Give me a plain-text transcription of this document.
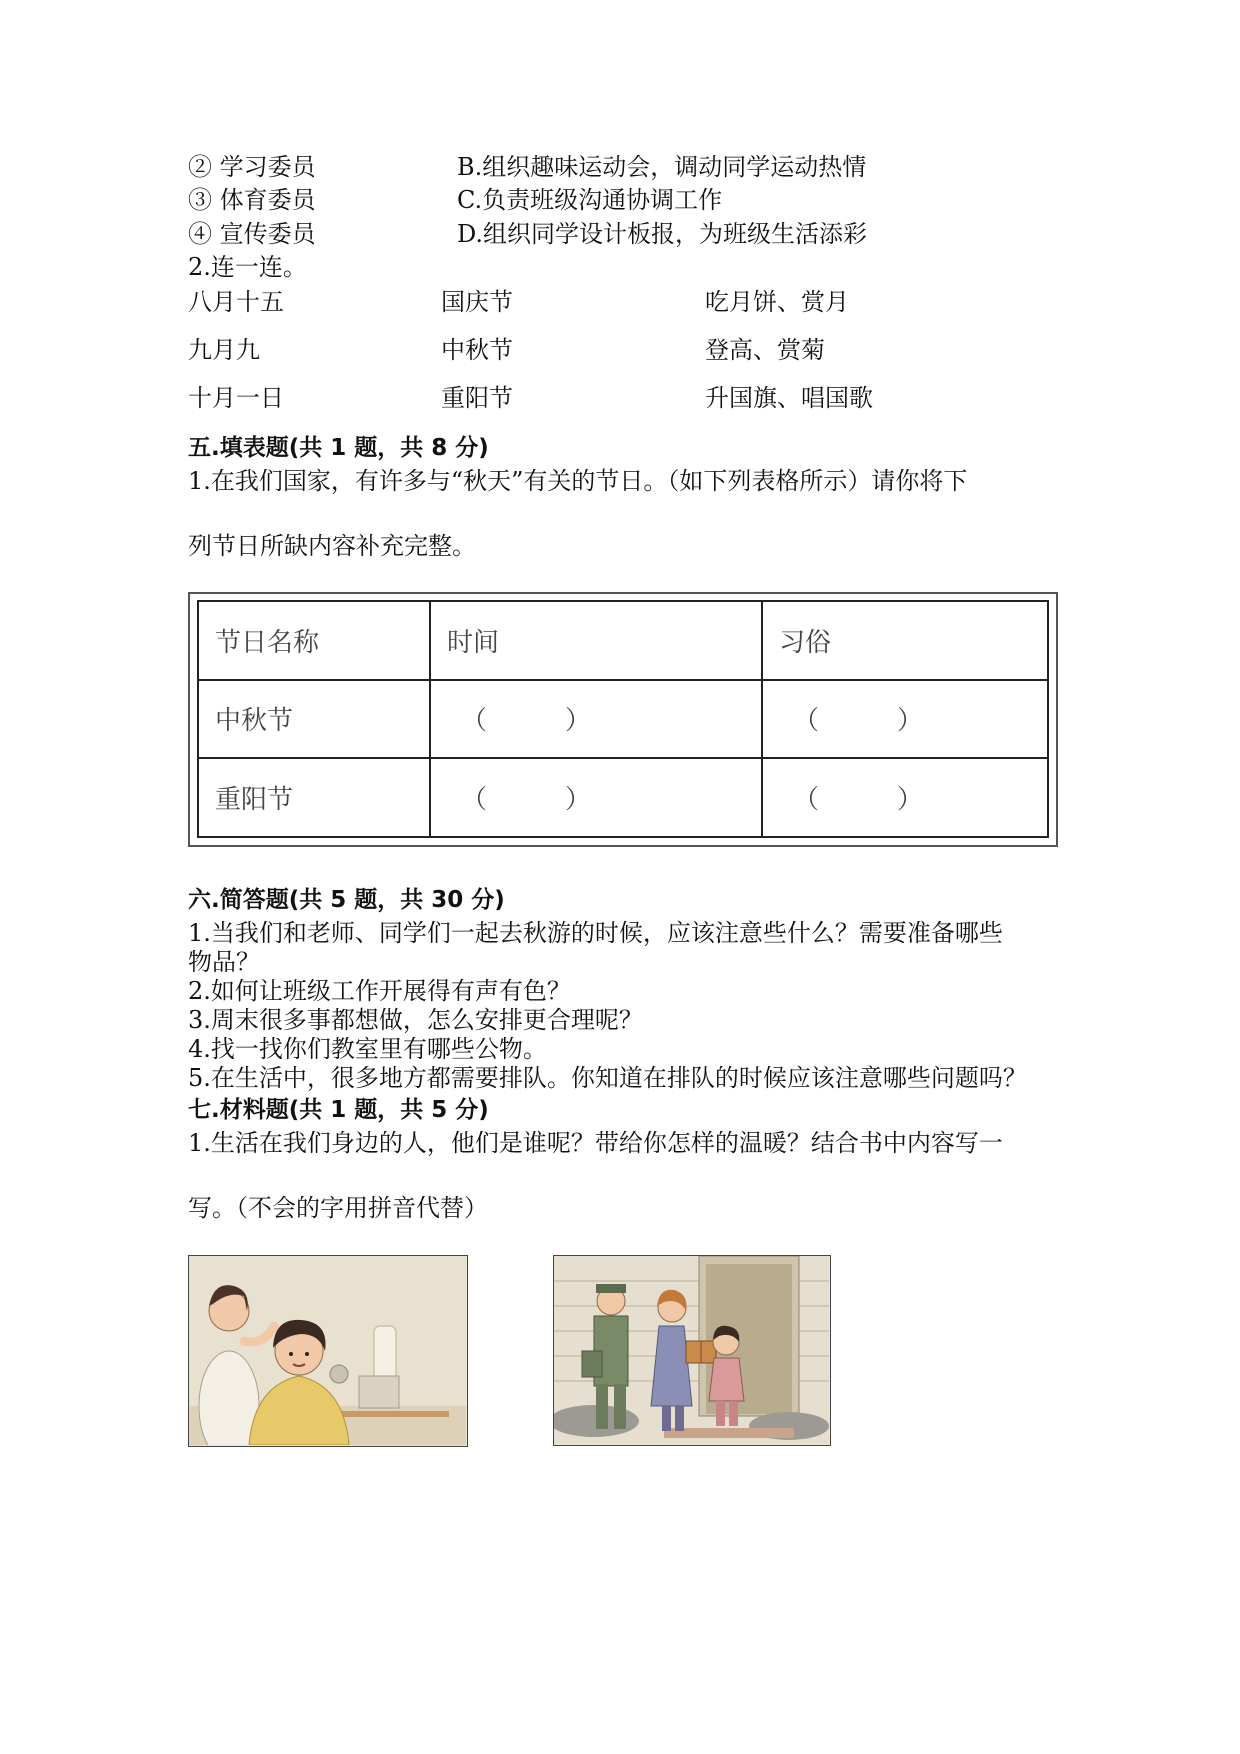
② 学习委员	B.组织趣味运动会，调动同学运动热情
③ 体育委员	C.负责班级沟通协调工作
④ 宣传委员	D.组织同学设计板报，为班级生活添彩
2.连一连。
八月十五	国庆节	吃月饼、赏月
九月九	中秋节	登高、赏菊
十月一日	重阳节	升国旗、唱国歌
五.填表题(共 1 题，共 8 分)
1.在我们国家，有许多与“秋天”有关的节日。（如下列表格所示）请你将下
列节日所缺内容补充完整。
节日名称	时间	习俗
中秋节	（　　　）	（　　　）
重阳节	（　　　）	（　　　）
六.简答题(共 5 题，共 30 分)
1.当我们和老师、同学们一起去秋游的时候，应该注意些什么？需要准备哪些
物品？
2.如何让班级工作开展得有声有色？
3.周末很多事都想做，怎么安排更合理呢？
4.找一找你们教室里有哪些公物。
5.在生活中，很多地方都需要排队。你知道在排队的时候应该注意哪些问题吗？
七.材料题(共 1 题，共 5 分)
1.生活在我们身边的人，他们是谁呢？带给你怎样的温暖？结合书中内容写一
写。（不会的字用拼音代替）
